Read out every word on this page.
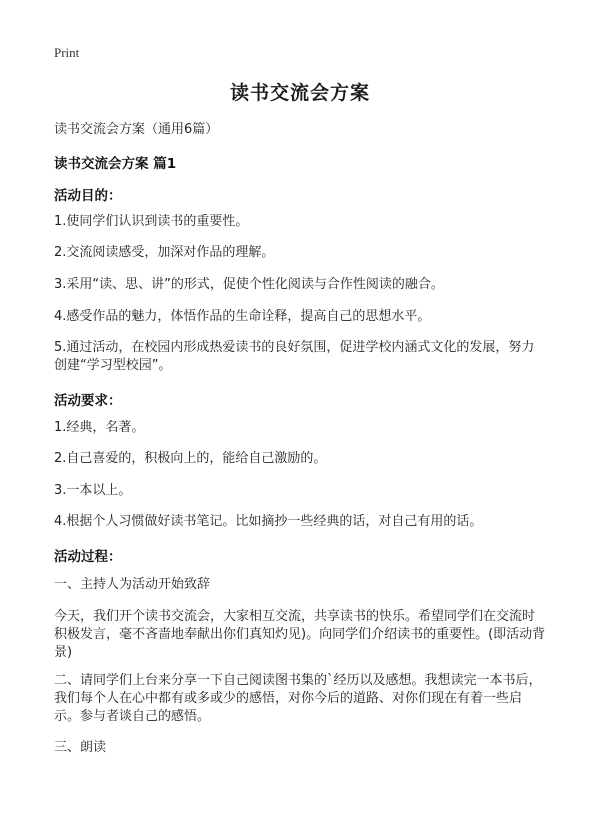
Print
读书交流会方案
读书交流会方案（通用6篇）
读书交流会方案 篇1
活动目的：
1.使同学们认识到读书的重要性。
2.交流阅读感受，加深对作品的理解。
3.采用“读、思、讲”的形式，促使个性化阅读与合作性阅读的融合。
4.感受作品的魅力，体悟作品的生命诠释，提高自己的思想水平。
5.通过活动，在校园内形成热爱读书的良好氛围，促进学校内涵式文化的发展，努力创建“学习型校园”。
活动要求：
1.经典，名著。
2.自己喜爱的，积极向上的，能给自己激励的。
3.一本以上。
4.根据个人习惯做好读书笔记。比如摘抄一些经典的话，对自己有用的话。
活动过程：
一、主持人为活动开始致辞
今天，我们开个读书交流会，大家相互交流，共享读书的快乐。希望同学们在交流时积极发言，毫不吝啬地奉献出你们真知灼见)。向同学们介绍读书的重要性。(即活动背景)
二、请同学们上台来分享一下自己阅读图书集的`经历以及感想。我想读完一本书后，我们每个人在心中都有或多或少的感悟，对你今后的道路、对你们现在有着一些启示。参与者谈自己的感悟。
三、朗读
